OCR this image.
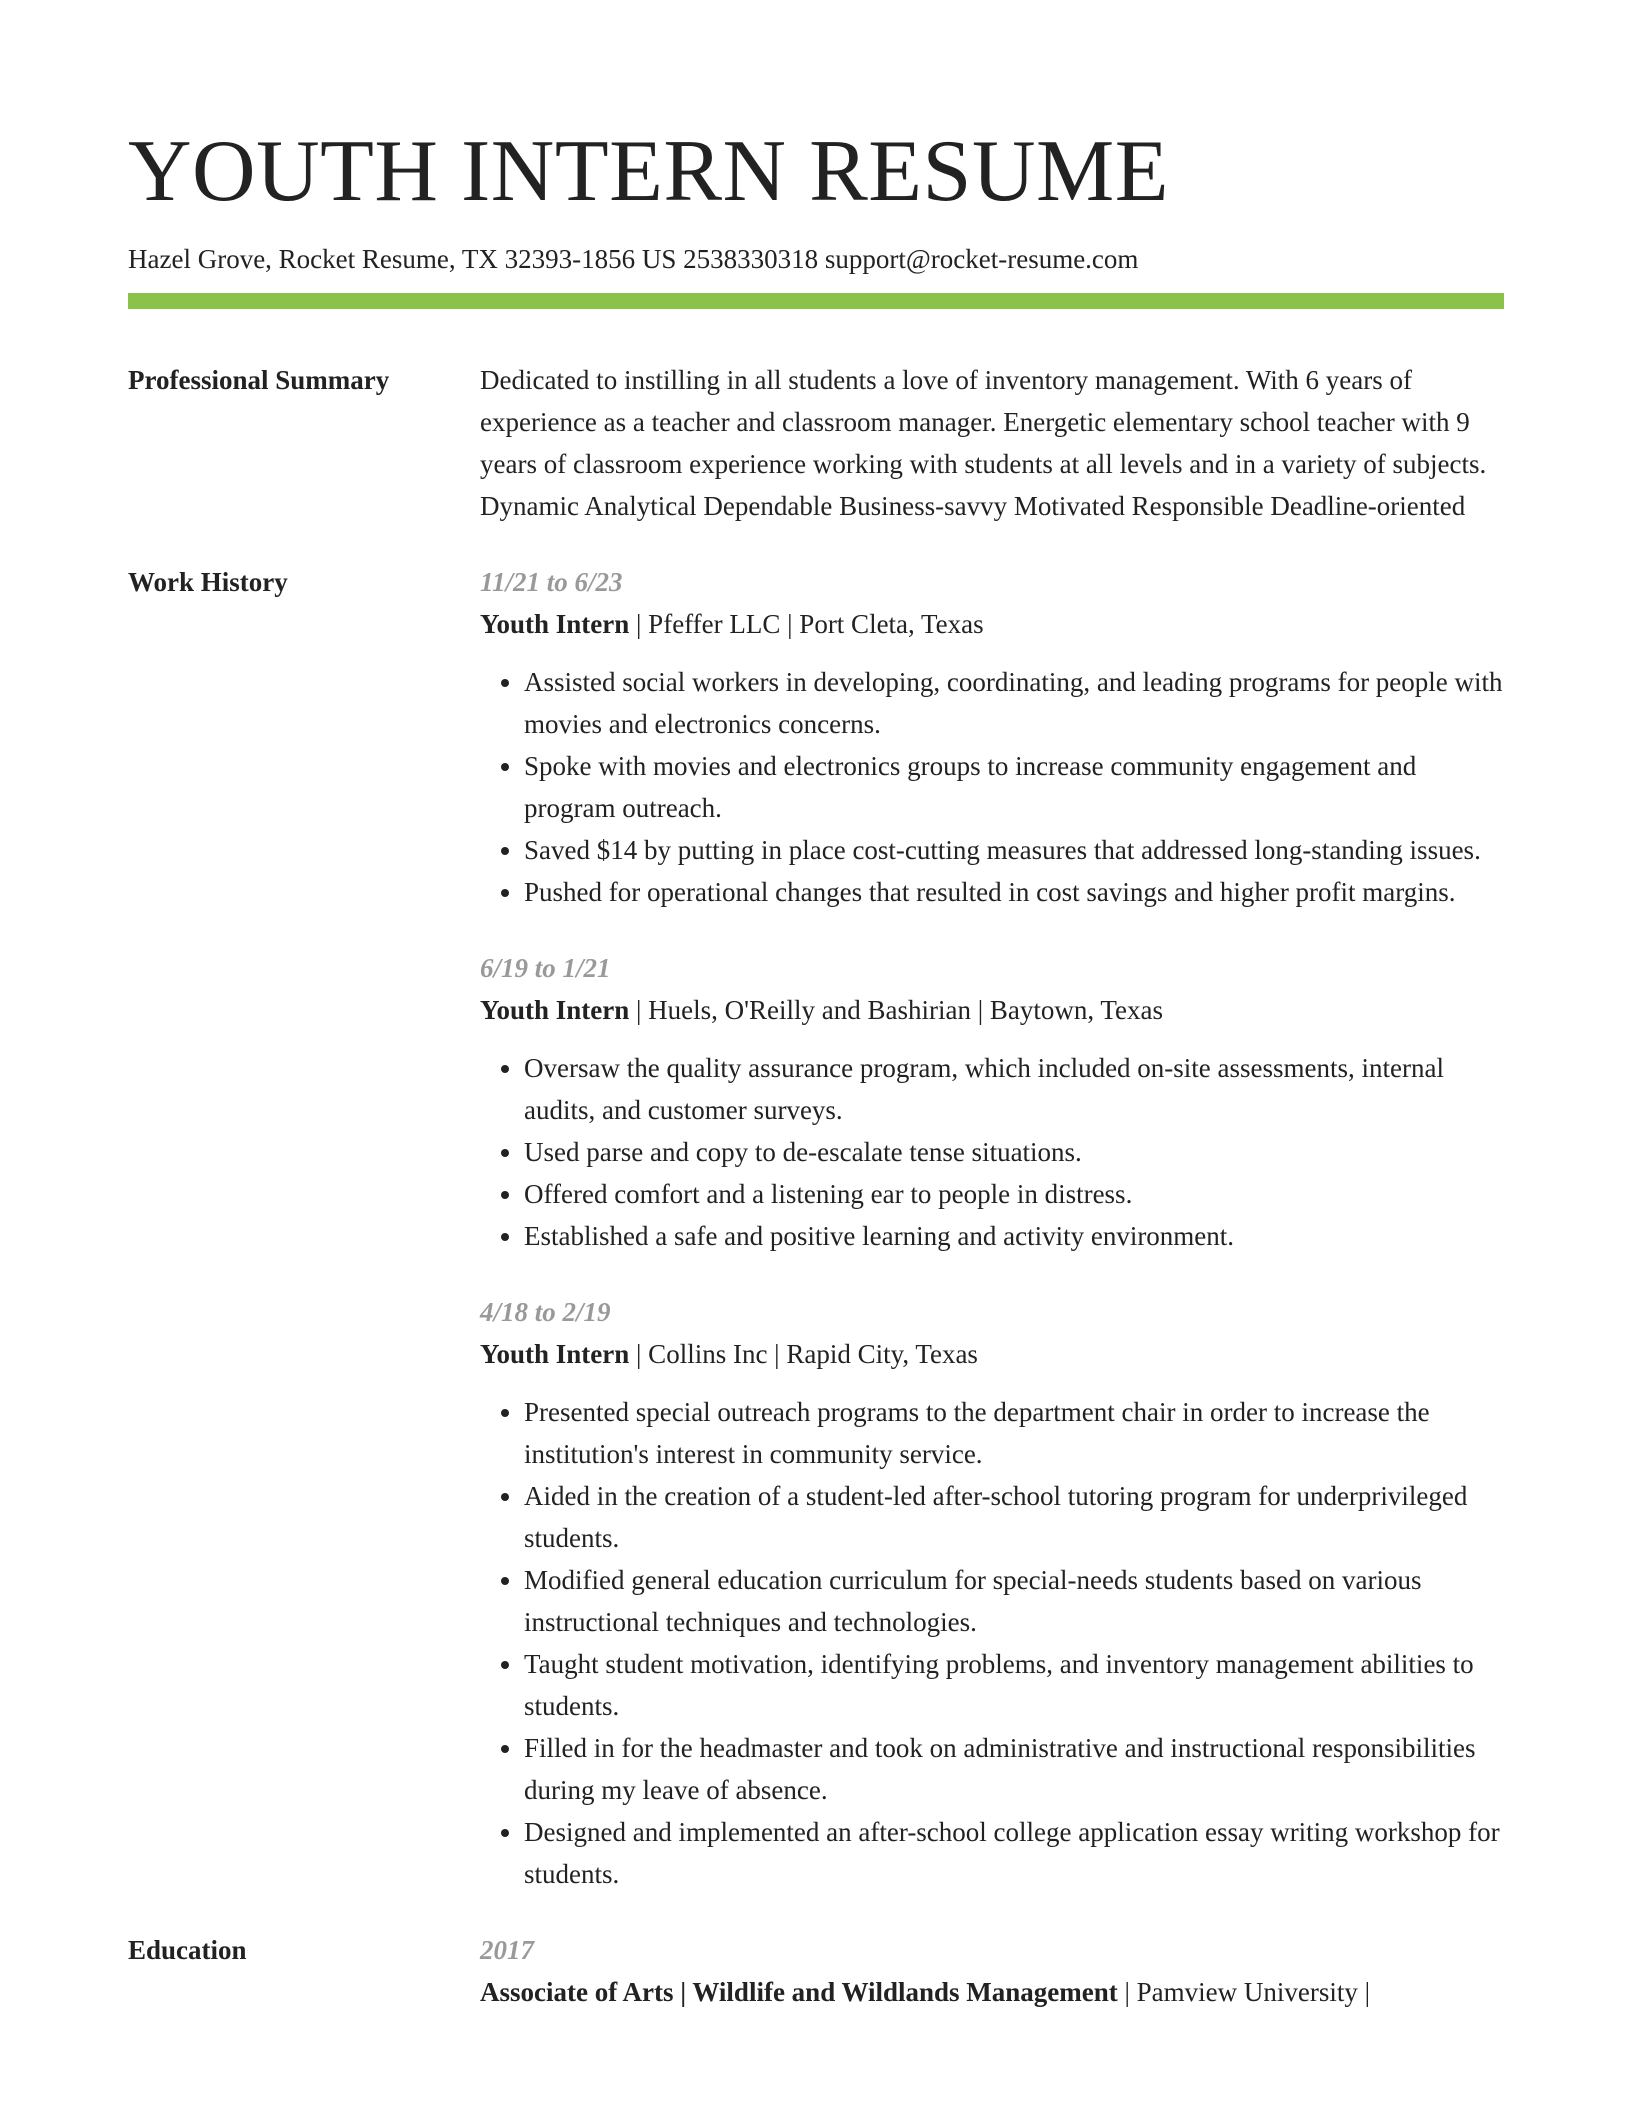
YOUTH INTERN RESUME
Hazel Grove, Rocket Resume, TX 32393-1856 US 2538330318 support@rocket-resume.com
Professional Summary	Dedicated to instilling in all students a love of inventory management. With 6 years of experience as a teacher and classroom manager. Energetic elementary school teacher with 9 years of classroom experience working with students at all levels and in a variety of subjects. Dynamic Analytical Dependable Business-savvy Motivated Responsible Deadline-oriented

Work History	11/21 to 6/23
Youth Intern | Pfeffer LLC | Port Cleta, Texas
• Assisted social workers in developing, coordinating, and leading programs for people with movies and electronics concerns.
• Spoke with movies and electronics groups to increase community engagement and program outreach.
• Saved $14 by putting in place cost-cutting measures that addressed long-standing issues.
• Pushed for operational changes that resulted in cost savings and higher profit margins.
6/19 to 1/21
Youth Intern | Huels, O'Reilly and Bashirian | Baytown, Texas
• Oversaw the quality assurance program, which included on-site assessments, internal audits, and customer surveys.
• Used parse and copy to de-escalate tense situations.
• Offered comfort and a listening ear to people in distress.
• Established a safe and positive learning and activity environment.
4/18 to 2/19
Youth Intern | Collins Inc | Rapid City, Texas
• Presented special outreach programs to the department chair in order to increase the institution's interest in community service.
• Aided in the creation of a student-led after-school tutoring program for underprivileged students.
• Modified general education curriculum for special-needs students based on various instructional techniques and technologies.
• Taught student motivation, identifying problems, and inventory management abilities to students.
• Filled in for the headmaster and took on administrative and instructional responsibilities during my leave of absence.
• Designed and implemented an after-school college application essay writing workshop for students.
Education	2017
Associate of Arts | Wildlife and Wildlands Management | Pamview University |
